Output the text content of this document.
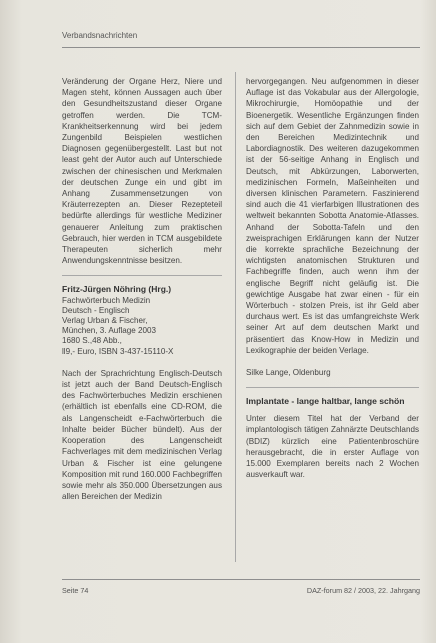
Verbandsnachrichten

Veränderung der Organe Herz, Niere und Magen steht, können Aussagen auch über den Gesundheitszustand dieser Organe getroffen werden. Die TCM-Krankheitserkennung wird bei jedem Zungenbild Beispielen westlichen Diagnosen gegenübergestellt. Last but not least geht der Autor auch auf Unterschiede zwischen der chinesischen und Merkmalen der deutschen Zunge ein und gibt im Anhang Zusammensetzungen von Kräuterrezepten an. Dieser Rezepteteil bedürfte allerdings für westliche Mediziner genauerer Anleitung zum praktischen Gebrauch, hier werden in TCM ausgebildete Therapeuten sicherlich mehr Anwendungskenntnisse besitzen.

Fritz-Jürgen Nöhring (Hrg.)
Fachwörterbuch Medizin
Deutsch - Englisch
Verlag Urban & Fischer,
München, 3. Auflage 2003
1680 S.,48 Abb.,
ll9,- Euro, ISBN 3-437-15110-X

Nach der Sprachrichtung Englisch-Deutsch ist jetzt auch der Band Deutsch-Englisch des Fachwörterbuches Medizin erschienen (erhältlich ist ebenfalls eine CD-ROM, die als Langenscheidt e-Fachwörterbuch die Inhalte beider Bücher bündelt). Aus der Kooperation des Langenscheidt Fachverlages mit dem medizinischen Verlag Urban & Fischer ist eine gelungene Komposition mit rund 160.000 Fachbegriffen sowie mehr als 350.000 Übersetzungen aus allen Bereichen der Medizin

hervorgegangen. Neu aufgenommen in dieser Auflage ist das Vokabular aus der Allergologie, Mikrochirurgie, Homöopathie und der Bioenergetik. Wesentliche Ergänzungen finden sich auf dem Gebiet der Zahnmedizin sowie in den Bereichen Medizintechnik und Labordiagnostik. Des weiteren dazugekommen ist der 56-seitige Anhang in Englisch und Deutsch, mit Abkürzungen, Laborwerten, medizinischen Formeln, Maßeinheiten und diversen klinischen Parametern. Faszinierend sind auch die 41 vierfarbigen Illustrationen des weltweit bekannten Sobotta Anatomie-Atlasses. Anhand der Sobotta-Tafeln und den zweisprachigen Erklärungen kann der Nutzer die korrekte sprachliche Bezeichnung der wichtigsten anatomischen Strukturen und Fachbegriffe finden, auch wenn ihm der englische Begriff nicht geläufig ist. Die gewichtige Ausgabe hat zwar einen - für ein Wörterbuch - stolzen Preis, ist ihr Geld aber durchaus wert. Es ist das umfangreichste Werk seiner Art auf dem deutschen Markt und präsentiert das Know-How in Medizin und Lexikographie der beiden Verlage.

Silke Lange, Oldenburg

Implantate - lange haltbar, lange schön

Unter diesem Titel hat der Verband der implantologisch tätigen Zahnärzte Deutschlands (BDIZ) kürzlich eine Patientenbroschüre herausgebracht, die in erster Auflage von 15.000 Exemplaren bereits nach 2 Wochen ausverkauft war.

Seite 74	DAZ-forum 82 / 2003, 22. Jahrgang
